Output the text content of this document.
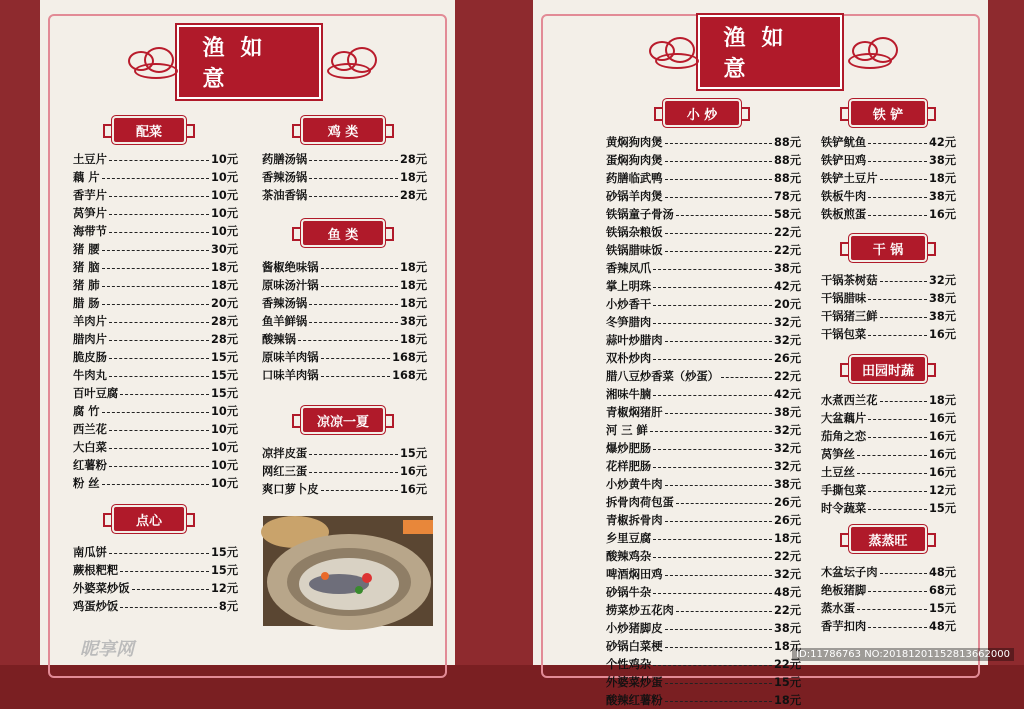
渔如意
配菜
土豆片	10元
藕 片	10元
香芋片	10元
莴笋片	10元
海带节	10元
猪 腰	30元
猪 脑	18元
猪 肺	18元
腊 肠	20元
羊肉片	28元
腊肉片	28元
脆皮肠	15元
牛肉丸	15元
百叶豆腐	15元
腐 竹	10元
西兰花	10元
大白菜	10元
红薯粉	10元
粉 丝	10元
点心
南瓜饼	15元
蕨根粑粑	15元
外婆菜炒饭	12元
鸡蛋炒饭	8元
鸡 类
药膳汤锅	28元
香辣汤锅	18元
茶油香锅	28元
鱼 类
酱椒绝味锅	18元
原味汤汁锅	18元
香辣汤锅	18元
鱼羊鲜锅	38元
酸辣锅	18元
原味羊肉锅	168元
口味羊肉锅	168元
凉凉一夏
凉拌皮蛋	15元
网红三蛋	16元
爽口萝卜皮	16元
昵享网
渔如意
小 炒
黄焖狗肉煲	88元
蛋焖狗肉煲	88元
药膳临武鸭	88元
砂锅羊肉煲	78元
铁锅童子骨汤	58元
铁锅杂粮饭	22元
铁锅腊味饭	22元
香辣凤爪	38元
掌上明珠	42元
小炒香干	20元
冬笋腊肉	32元
蒜叶炒腊肉	32元
双朴炒肉	26元
腊八豆炒香菜（炒蛋）	22元
湘味牛腩	42元
青椒焖猪肝	38元
河 三 鲜	32元
爆炒肥肠	32元
花样肥肠	32元
小炒黄牛肉	38元
拆骨肉荷包蛋	26元
青椒拆骨肉	26元
乡里豆腐	18元
酸辣鸡杂	22元
啤酒焖田鸡	32元
砂锅牛杂	48元
捞菜炒五花肉	22元
小炒猪脚皮	38元
砂锅白菜梗	18元
个性鸡杂	22元
外婆菜炒蛋	15元
酸辣红薯粉	18元
铁 铲
铁铲鱿鱼	42元
铁铲田鸡	38元
铁铲土豆片	18元
铁板牛肉	38元
铁板煎蛋	16元
干 锅
干锅茶树菇	32元
干锅腊味	38元
干锅猪三鲜	38元
干锅包菜	16元
田园时蔬
水煮西兰花	18元
大盆藕片	16元
茄角之恋	16元
莴笋丝	16元
土豆丝	16元
手撕包菜	12元
时令蔬菜	15元
蒸蒸旺
木盆坛子肉	48元
绝板猪脚	68元
蒸水蛋	15元
香芋扣肉	48元
ID:11786763 NO:20181201152813662000
